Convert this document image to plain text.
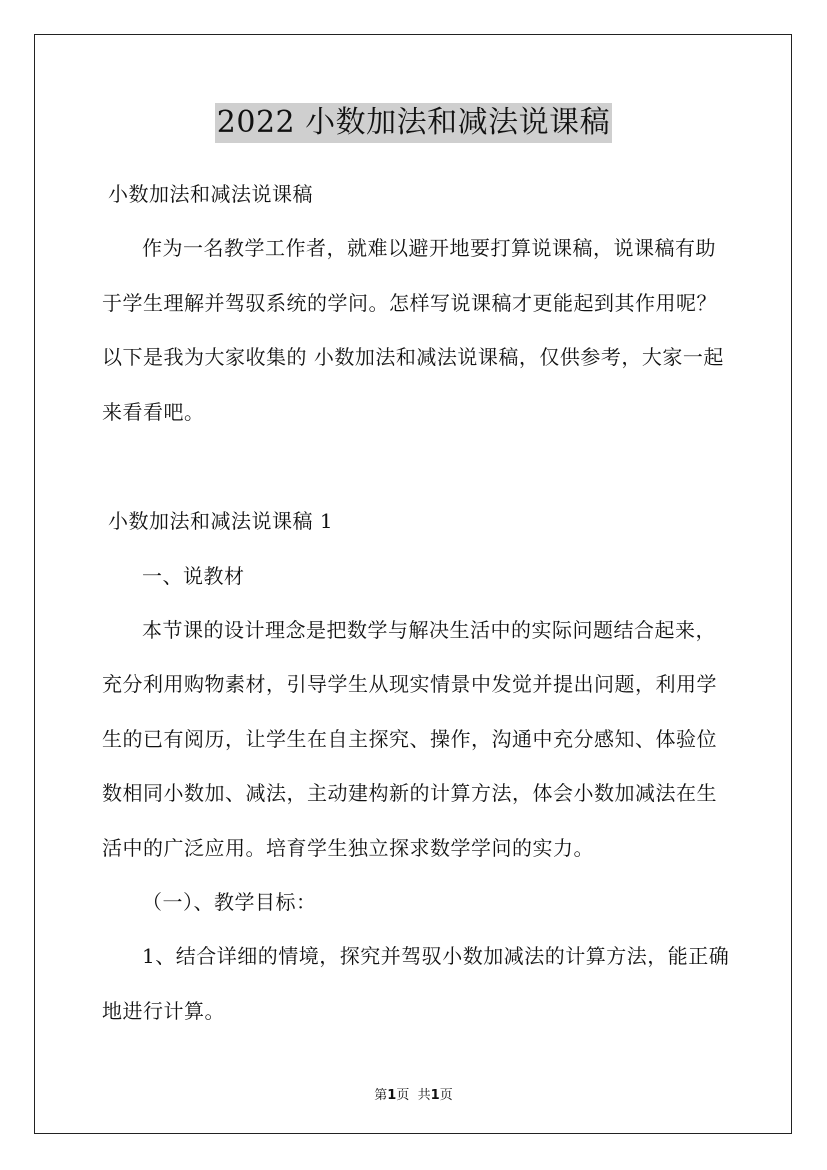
2022 小数加法和减法说课稿
小数加法和减法说课稿
作为一名教学工作者，就难以避开地要打算说课稿，说课稿有助
于学生理解并驾驭系统的学问。怎样写说课稿才更能起到其作用呢？
以下是我为大家收集的 小数加法和减法说课稿，仅供参考，大家一起
来看看吧。
小数加法和减法说课稿 1
一、说教材
本节课的设计理念是把数学与解决生活中的实际问题结合起来，
充分利用购物素材，引导学生从现实情景中发觉并提出问题，利用学
生的已有阅历，让学生在自主探究、操作，沟通中充分感知、体验位
数相同小数加、减法，主动建构新的计算方法，体会小数加减法在生
活中的广泛应用。培育学生独立探求数学学问的实力。
（一）、教学目标：
1、结合详细的情境，探究并驾驭小数加减法的计算方法，能正确
地进行计算。
第1页 共1页
